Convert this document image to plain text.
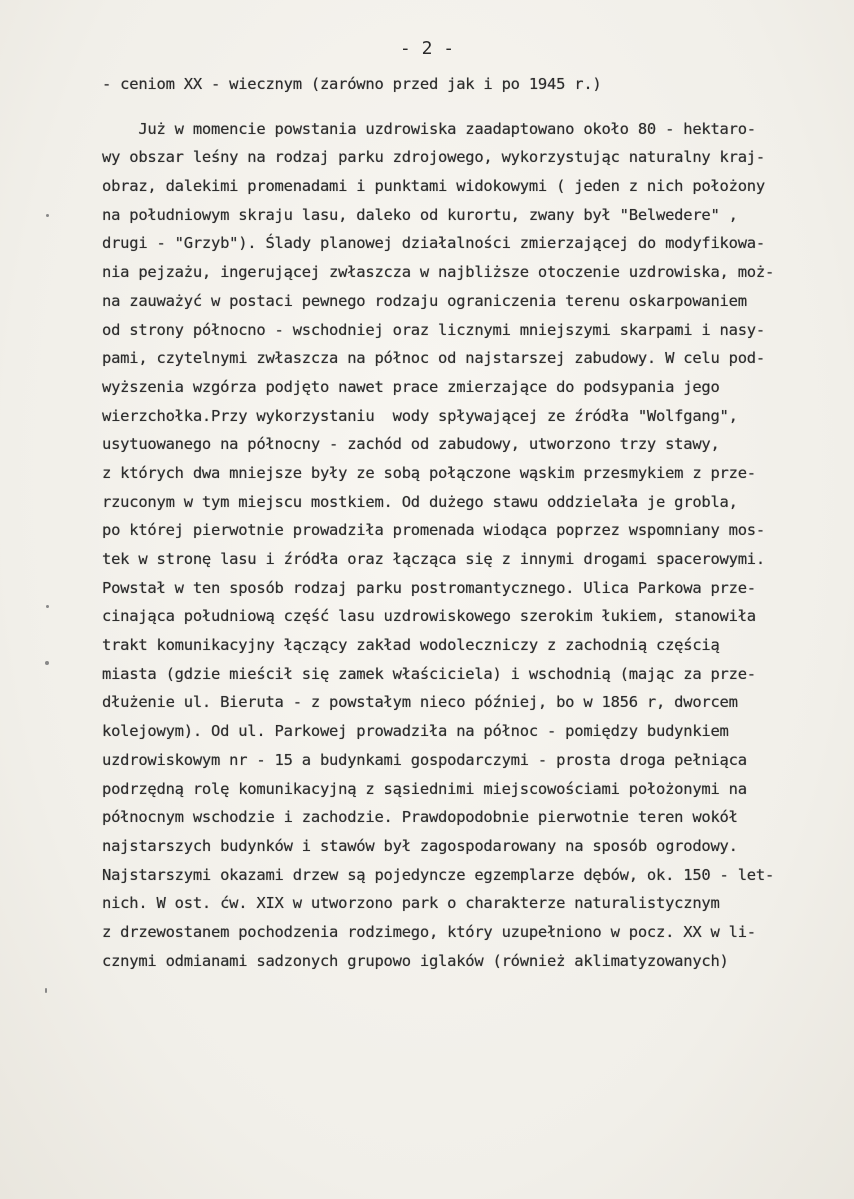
- 2 -
- ceniom XX - wiecznym (zarówno przed jak i po 1945 r.)
Już w momencie powstania uzdrowiska zaadaptowano około 80 - hektaro-
wy obszar leśny na rodzaj parku zdrojowego, wykorzystując naturalny kraj-
obraz, dalekimi promenadami i punktami widokowymi ( jeden z nich położony
na południowym skraju lasu, daleko od kurortu, zwany był "Belwedere" ,
drugi - "Grzyb"). Ślady planowej działalności zmierzającej do modyfikowa-
nia pejzażu, ingerującej zwłaszcza w najbliższe otoczenie uzdrowiska, moż-
na zauważyć w postaci pewnego rodzaju ograniczenia terenu oskarpowaniem
od strony północno - wschodniej oraz licznymi mniejszymi skarpami i nasy-
pami, czytelnymi zwłaszcza na północ od najstarszej zabudowy. W celu pod-
wyższenia wzgórza podjęto nawet prace zmierzające do podsypania jego
wierzchołka.Przy wykorzystaniu  wody spływającej ze źródła "Wolfgang",
usytuowanego na północny - zachód od zabudowy, utworzono trzy stawy,
z których dwa mniejsze były ze sobą połączone wąskim przesmykiem z prze-
rzuconym w tym miejscu mostkiem. Od dużego stawu oddzielała je grobla,
po której pierwotnie prowadziła promenada wiodąca poprzez wspomniany mos-
tek w stronę lasu i źródła oraz łącząca się z innymi drogami spacerowymi.
Powstał w ten sposób rodzaj parku postromantycznego. Ulica Parkowa prze-
cinająca południową część lasu uzdrowiskowego szerokim łukiem, stanowiła
trakt komunikacyjny łączący zakład wodoleczniczy z zachodnią częścią
miasta (gdzie mieścił się zamek właściciela) i wschodnią (mając za prze-
dłużenie ul. Bieruta - z powstałym nieco później, bo w 1856 r, dworcem
kolejowym). Od ul. Parkowej prowadziła na północ - pomiędzy budynkiem
uzdrowiskowym nr - 15 a budynkami gospodarczymi - prosta droga pełniąca
podrzędną rolę komunikacyjną z sąsiednimi miejscowościami położonymi na
północnym wschodzie i zachodzie. Prawdopodobnie pierwotnie teren wokół
najstarszych budynków i stawów był zagospodarowany na sposób ogrodowy.
Najstarszymi okazami drzew są pojedyncze egzemplarze dębów, ok. 150 - let-
nich. W ost. ćw. XIX w utworzono park o charakterze naturalistycznym
z drzewostanem pochodzenia rodzimego, który uzupełniono w pocz. XX w li-
cznymi odmianami sadzonych grupowo iglaków (również aklimatyzowanych)
